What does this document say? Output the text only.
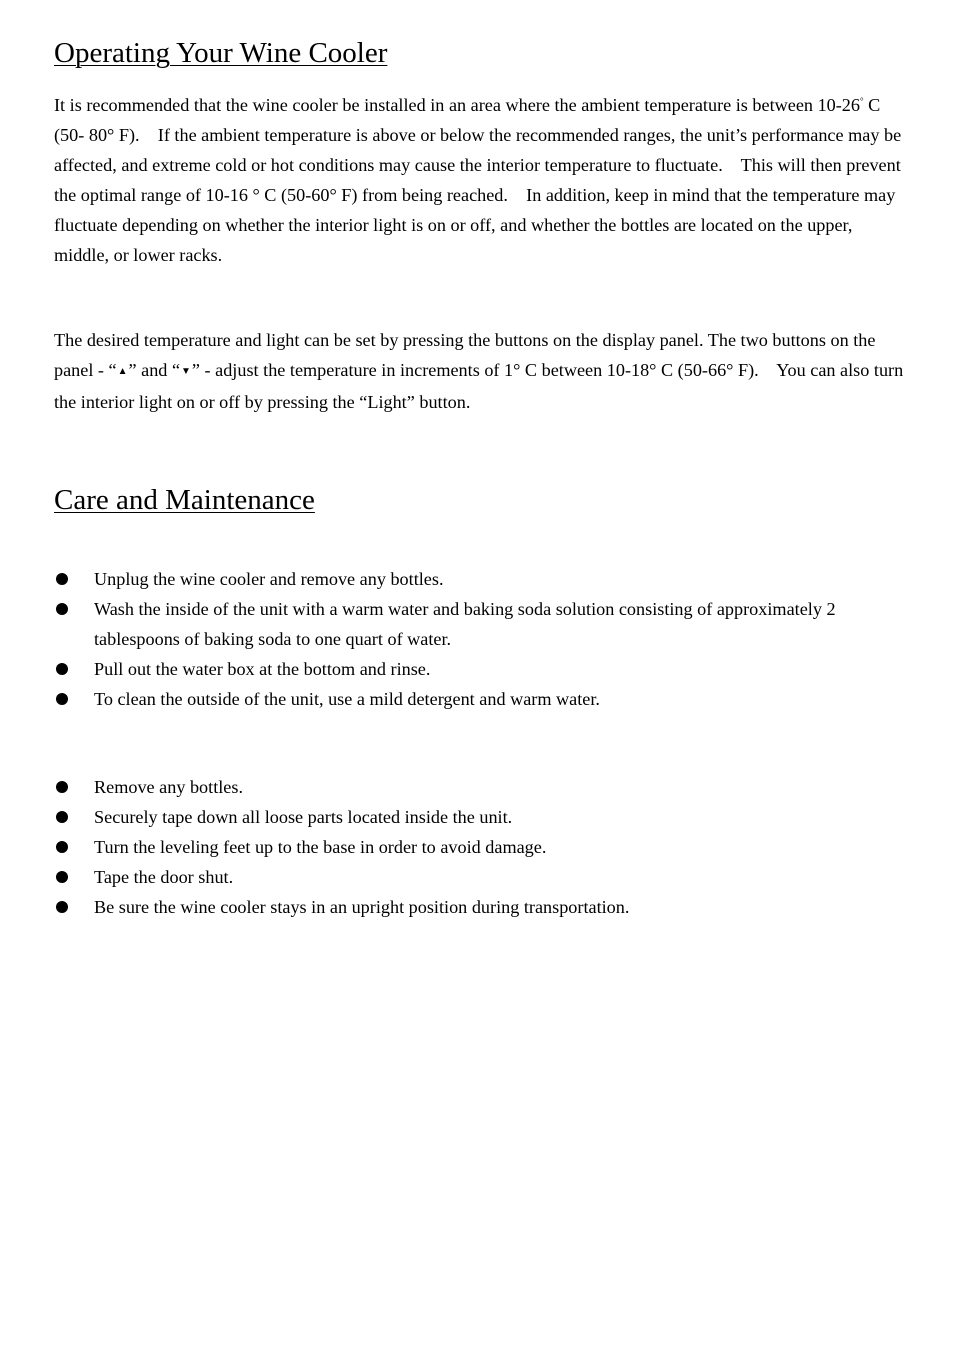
Operating Your Wine Cooler

It is recommended that the wine cooler be installed in an area where the ambient temperature is between 10-26° C (50- 80° F).    If the ambient temperature is above or below the recommended ranges, the unit’s performance may be affected, and extreme cold or hot conditions may cause the interior temperature to fluctuate.    This will then prevent the optimal range of 10-16 ° C (50-60° F) from being reached.    In addition, keep in mind that the temperature may fluctuate depending on whether the interior light is on or off, and whether the bottles are located on the upper, middle, or lower racks.

The desired temperature and light can be set by pressing the buttons on the display panel. The two buttons on the panel - “▲” and “▼” - adjust the temperature in increments of 1° C between 10-18° C (50-66° F).    You can also turn the interior light on or off by pressing the “Light” button.

Care and Maintenance
Unplug the wine cooler and remove any bottles.
Wash the inside of the unit with a warm water and baking soda solution consisting of approximately 2 tablespoons of baking soda to one quart of water.
Pull out the water box at the bottom and rinse.
To clean the outside of the unit, use a mild detergent and warm water.
Remove any bottles.
Securely tape down all loose parts located inside the unit.
Turn the leveling feet up to the base in order to avoid damage.
Tape the door shut.
Be sure the wine cooler stays in an upright position during transportation.
